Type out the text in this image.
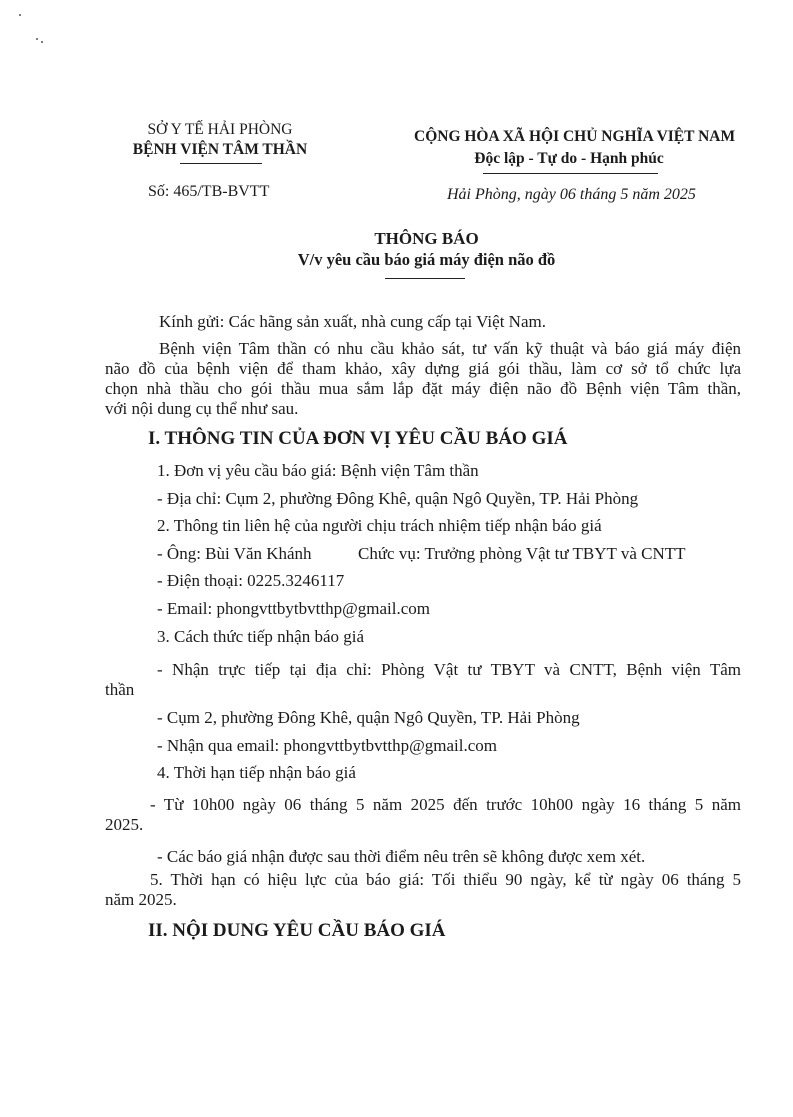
SỞ Y TẾ HẢI PHÒNG
BỆNH VIỆN TÂM THẦN
Số: 465/TB-BVTT
CỘNG HÒA XÃ HỘI CHỦ NGHĨA VIỆT NAM
Độc lập - Tự do - Hạnh phúc
Hải Phòng, ngày 06 tháng 5 năm 2025
THÔNG BÁO
V/v yêu cầu báo giá máy điện não đồ
Kính gửi: Các hãng sản xuất, nhà cung cấp tại Việt Nam.
Bệnh viện Tâm thần có nhu cầu khảo sát, tư vấn kỹ thuật và báo giá máy điện
não đồ của bệnh viện để tham khảo, xây dựng giá gói thầu, làm cơ sở tổ chức lựa
chọn nhà thầu cho gói thầu mua sắm lắp đặt máy điện não đồ Bệnh viện Tâm thần,
với nội dung cụ thể như sau.
I. THÔNG TIN CỦA ĐƠN VỊ YÊU CẦU BÁO GIÁ
1. Đơn vị yêu cầu báo giá: Bệnh viện Tâm thần
- Địa chỉ: Cụm 2, phường Đông Khê, quận Ngô Quyền, TP. Hải Phòng
2. Thông tin liên hệ của người chịu trách nhiệm tiếp nhận báo giá
- Ông: Bùi Văn Khánh	Chức vụ: Trưởng phòng Vật tư TBYT và CNTT
- Điện thoại: 0225.3246117
- Email: phongvttbytbvtthp@gmail.com
3. Cách thức tiếp nhận báo giá
- Nhận trực tiếp tại địa chỉ: Phòng Vật tư TBYT và CNTT, Bệnh viện Tâm
thần
- Cụm 2, phường Đông Khê, quận Ngô Quyền, TP. Hải Phòng
- Nhận qua email: phongvttbytbvtthp@gmail.com
4. Thời hạn tiếp nhận báo giá
- Từ 10h00 ngày 06 tháng 5 năm 2025 đến trước 10h00 ngày 16 tháng 5 năm
2025.
- Các báo giá nhận được sau thời điểm nêu trên sẽ không được xem xét.
5. Thời hạn có hiệu lực của báo giá: Tối thiểu 90 ngày, kể từ ngày 06 tháng 5
năm 2025.
II. NỘI DUNG YÊU CẦU BÁO GIÁ
